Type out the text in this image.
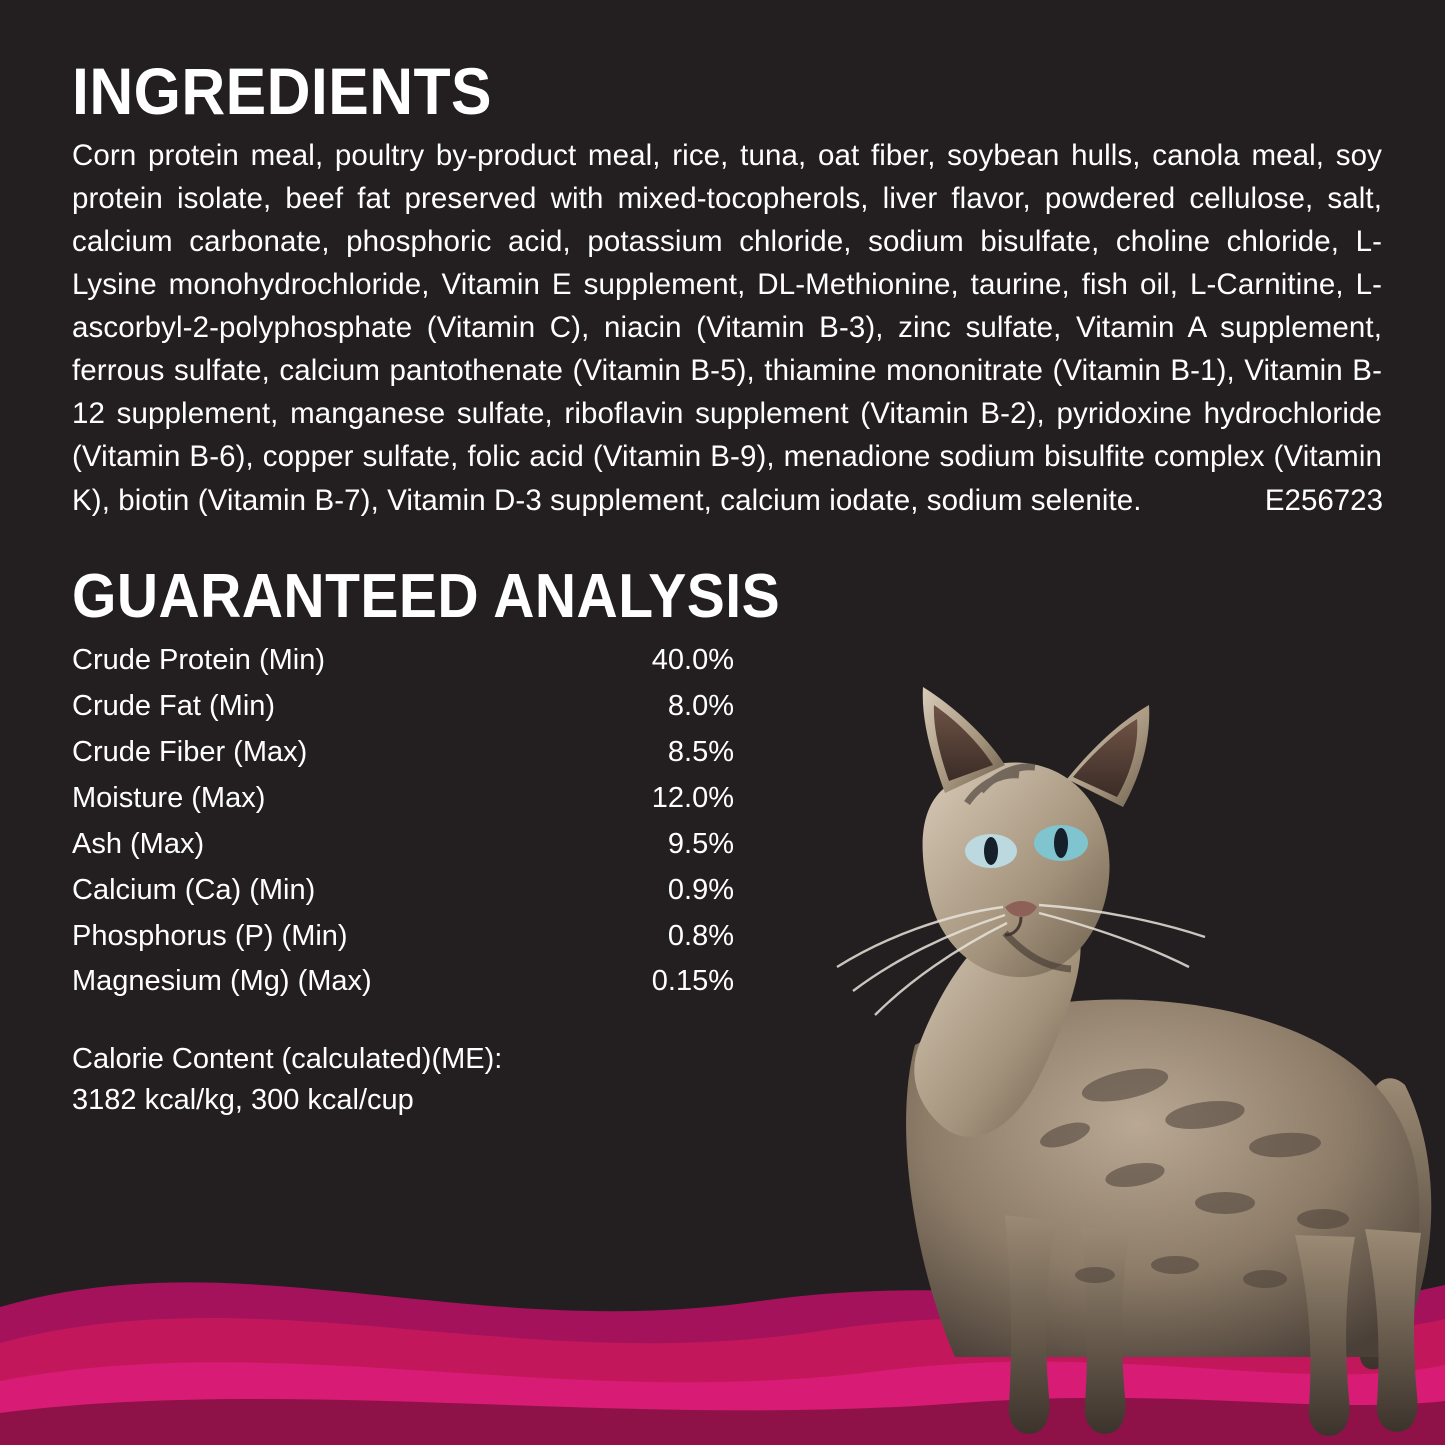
INGREDIENTS

Corn protein meal, poultry by-product meal, rice, tuna, oat fiber, soybean hulls, canola meal, soy protein isolate, beef fat preserved with mixed-tocopherols, liver flavor, powdered cellulose, salt, calcium carbonate, phosphoric acid, potassium chloride, sodium bisulfate, choline chloride, L-Lysine monohydrochloride, Vitamin E supplement, DL-Methionine, taurine, fish oil, L-Carnitine, L-ascorbyl-2-polyphosphate (Vitamin C), niacin (Vitamin B-3), zinc sulfate, Vitamin A supplement, ferrous sulfate, calcium pantothenate (Vitamin B-5), thiamine mononitrate (Vitamin B-1), Vitamin B-12 supplement, manganese sulfate, riboflavin supplement (Vitamin B-2), pyridoxine hydrochloride (Vitamin B-6), copper sulfate, folic acid (Vitamin B-9), menadione sodium bisulfite complex (Vitamin K), biotin (Vitamin B-7), Vitamin D-3 supplement, calcium iodate, sodium selenite.	E256723
GUARANTEED ANALYSIS
Crude Protein (Min)	40.0%
Crude Fat (Min)	8.0%
Crude Fiber (Max)	8.5%
Moisture (Max)	12.0%
Ash (Max)	9.5%
Calcium (Ca) (Min)	0.9%
Phosphorus (P) (Min)	0.8%
Magnesium (Mg) (Max)	0.15%
Calorie Content (calculated)(ME):
3182 kcal/kg, 300 kcal/cup
